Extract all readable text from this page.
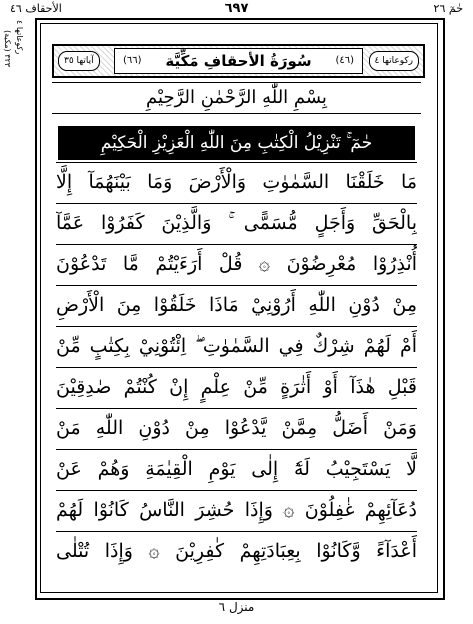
حٰمٓ ٢٦
٦٩٧
الأحقاف ٤٦
٣٢٣ (مكية)
ركوعاتها ٤
آياتها ٣٥	(٦٦) سُورَةُ الأحقافِ مَكِّيَّة (٤٦)	ركوعاتها ٤
بِسْمِ اللّٰهِ الرَّحْمٰنِ الرَّحِيْمِ
حٰمٓ ۚ تَنْزِيْلُ الْكِتٰبِ مِنَ اللّٰهِ الْعَزِيْزِ الْحَكِيْمِ
مَا خَلَقْنَا السَّمٰوٰتِ وَالْأَرْضَ وَمَا بَيْنَهُمَآ إِلَّا
بِالْحَقِّ وَأَجَلٍ مُّسَمًّى ۚ وَالَّذِيْنَ كَفَرُوْا عَمَّآ
أُنْذِرُوْا مُعْرِضُوْنَ ۞ قُلْ أَرَءَيْتُمْ مَّا تَدْعُوْنَ
مِنْ دُوْنِ اللّٰهِ أَرُوْنِيْ مَاذَا خَلَقُوْا مِنَ الْأَرْضِ
أَمْ لَهُمْ شِرْكٌ فِي السَّمٰوٰتِ ۖ اِئْتُوْنِيْ بِكِتٰبٍ مِّنْ
قَبْلِ هٰذَآ أَوْ أَثٰرَةٍ مِّنْ عِلْمٍ إِنْ كُنْتُمْ صٰدِقِيْنَ
وَمَنْ أَضَلُّ مِمَّنْ يَّدْعُوْا مِنْ دُوْنِ اللّٰهِ مَنْ
لَّا يَسْتَجِيْبُ لَهٗٓ إِلٰى يَوْمِ الْقِيٰمَةِ وَهُمْ عَنْ
دُعَآئِهِمْ غٰفِلُوْنَ ۞ وَإِذَا حُشِرَ النَّاسُ كَانُوْا لَهُمْ
أَعْدَآءً وَّكَانُوْا بِعِبَادَتِهِمْ كٰفِرِيْنَ ۞ وَإِذَا تُتْلٰى
منزل ٦
